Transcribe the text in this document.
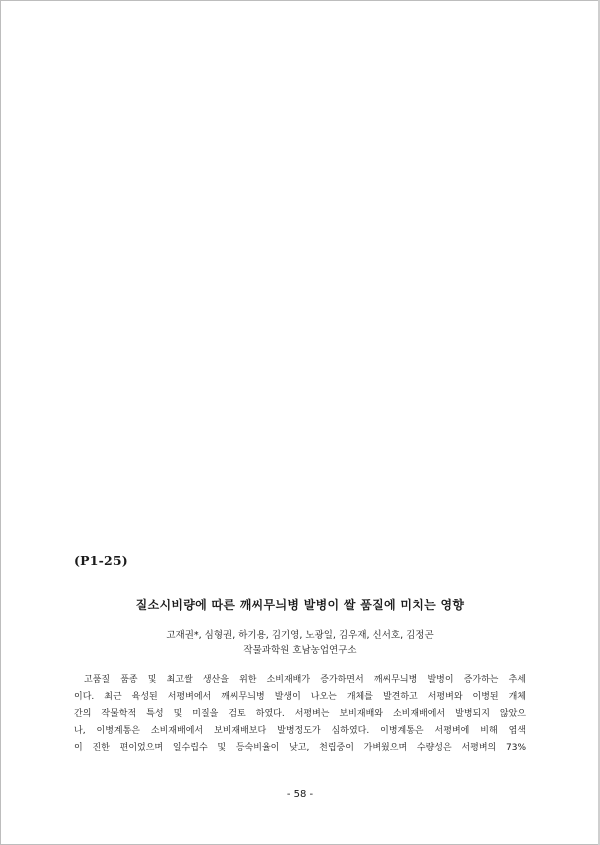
(P1-25)
질소시비량에 따른 깨씨무늬병 발병이 쌀 품질에 미치는 영향
고재권*, 심형권, 하기용, 김기영, 노광일, 김우재, 신서호, 김정곤
작물과학원 호남농업연구소
고품질 품종 및 최고쌀 생산을 위한 소비재배가 증가하면서 깨씨무늬병 발병이 증가하는 추세
이다. 최근 육성된 서평벼에서 깨씨무늬병 발생이 나오는 개체를 발견하고 서평벼와 이병된 개체
간의 작물학적 특성 및 미질을 검토 하였다. 서평벼는 보비재배와 소비재배에서 발병되지 않았으
나, 이병계통은 소비재배에서 보비재배보다 발병정도가 심하였다. 이병계통은 서평벼에 비해 엽색
이 진한 편이었으며 일수립수 및 등숙비율이 낮고, 천립중이 가벼웠으며 수량성은 서평벼의 73%
- 58 -
